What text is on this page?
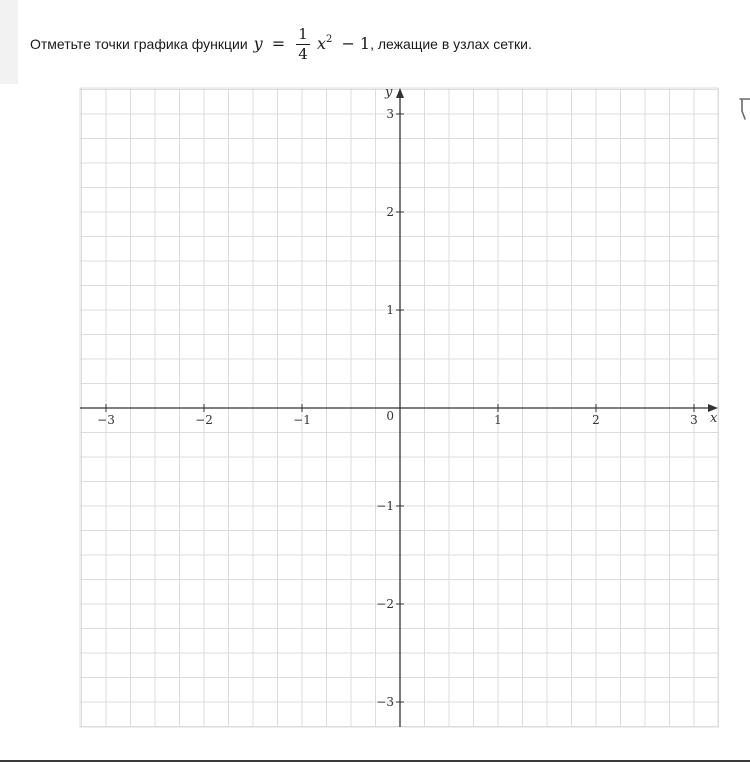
Отметьте точки графика функции $y = \frac{1}{4} x^2 - 1$ , лежащие в узлах сетки.
x
y
−3	−2	−1	1	2	3
−3
−2
−1
1
2
3
0
